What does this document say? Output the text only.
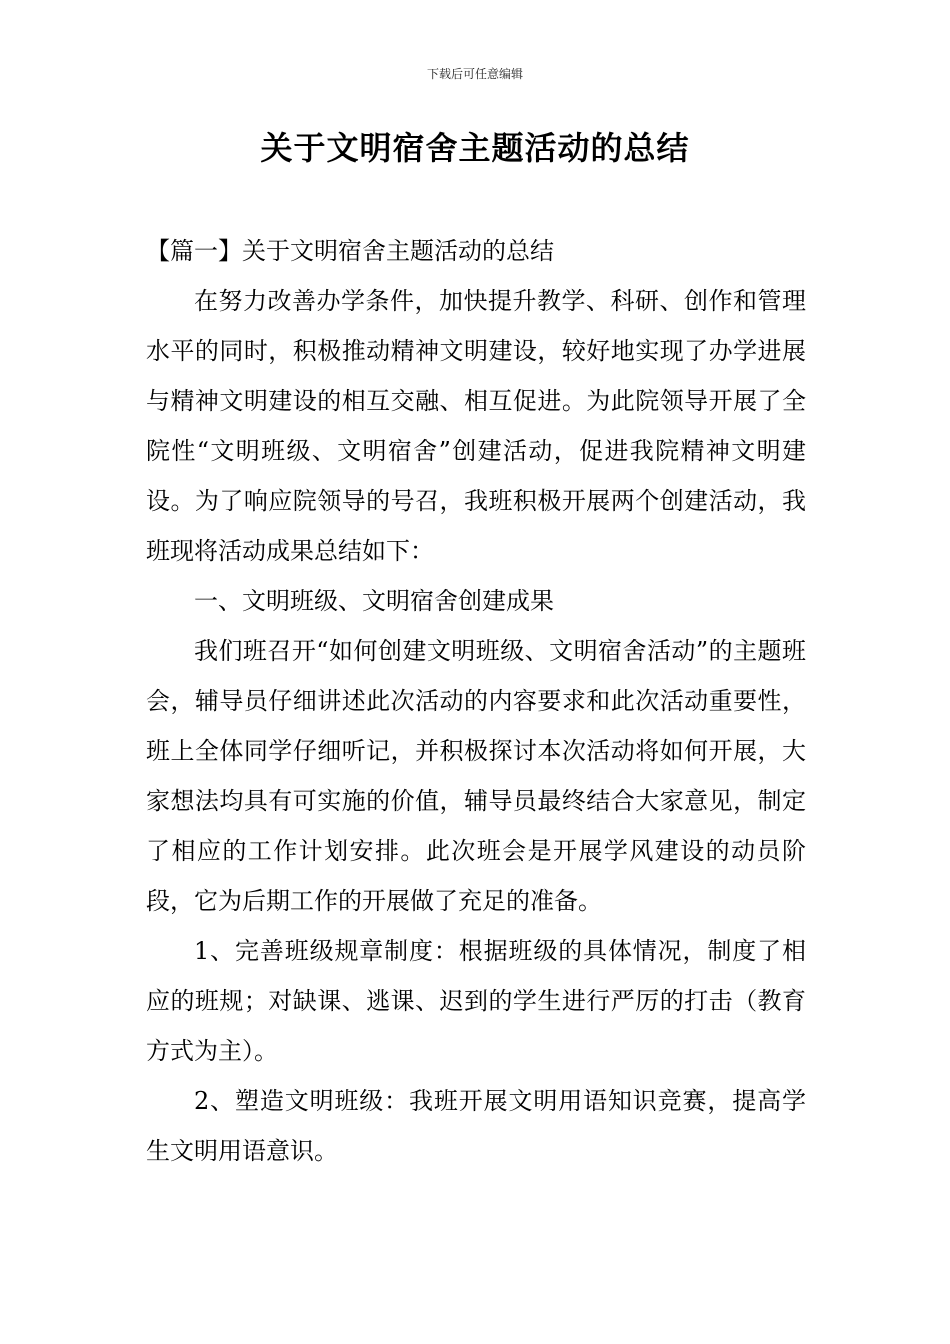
下载后可任意编辑
关于文明宿舍主题活动的总结

【篇一】关于文明宿舍主题活动的总结

在努力改善办学条件，加快提升教学、科研、创作和管理水平的同时，积极推动精神文明建设，较好地实现了办学进展与精神文明建设的相互交融、相互促进。为此院领导开展了全院性“文明班级、文明宿舍”创建活动，促进我院精神文明建设。为了响应院领导的号召，我班积极开展两个创建活动，我班现将活动成果总结如下：

一、文明班级、文明宿舍创建成果

我们班召开“如何创建文明班级、文明宿舍活动”的主题班会，辅导员仔细讲述此次活动的内容要求和此次活动重要性，班上全体同学仔细听记，并积极探讨本次活动将如何开展，大家想法均具有可实施的价值，辅导员最终结合大家意见，制定了相应的工作计划安排。此次班会是开展学风建设的动员阶段，它为后期工作的开展做了充足的准备。

1、完善班级规章制度：根据班级的具体情况，制度了相应的班规；对缺课、逃课、迟到的学生进行严厉的打击（教育方式为主）。

2、塑造文明班级：我班开展文明用语知识竞赛，提高学生文明用语意识。
